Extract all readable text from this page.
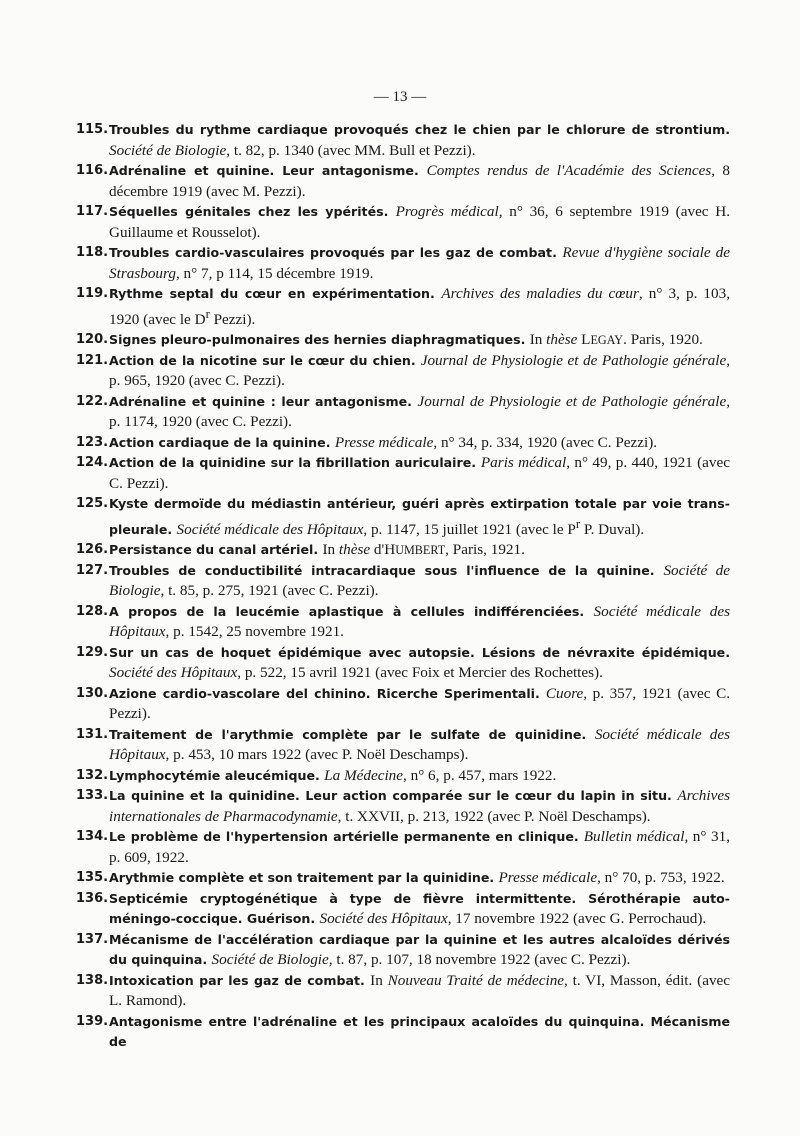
— 13 —

115. Troubles du rythme cardiaque provoqués chez le chien par le chlorure de strontium. Société de Biologie, t. 82, p. 1340 (avec MM. Bull et Pezzi).

116. Adrénaline et quinine. Leur antagonisme. Comptes rendus de l'Académie des Sciences, 8 décembre 1919 (avec M. Pezzi).

117. Séquelles génitales chez les ypérités. Progrès médical, n° 36, 6 septembre 1919 (avec H. Guillaume et Rousselot).

118. Troubles cardio-vasculaires provoqués par les gaz de combat. Revue d'hygiène sociale de Strasbourg, n° 7, p 114, 15 décembre 1919.

119. Rythme septal du cœur en expérimentation. Archives des maladies du cœur, n° 3, p. 103, 1920 (avec le $D^r$ Pezzi).

120. Signes pleuro-pulmonaires des hernies diaphragmatiques. In thèse LEGAY. Paris, 1920.

121. Action de la nicotine sur le cœur du chien. Journal de Physiologie et de Pathologie générale, p. 965, 1920 (avec C. Pezzi).

122. Adrénaline et quinine : leur antagonisme. Journal de Physiologie et de Pathologie générale, p. 1174, 1920 (avec C. Pezzi).

123. Action cardiaque de la quinine. Presse médicale, n° 34, p. 334, 1920 (avec C. Pezzi).

124. Action de la quinidine sur la fibrillation auriculaire. Paris médical, n° 49, p. 440, 1921 (avec C. Pezzi).

125. Kyste dermoïde du médiastin antérieur, guéri après extirpation totale par voie trans-pleurale. Société médicale des Hôpitaux, p. 1147, 15 juillet 1921 (avec le $P^r$ P. Duval).

126. Persistance du canal artériel. In thèse d'HUMBERT, Paris, 1921.

127. Troubles de conductibilité intracardiaque sous l'influence de la quinine. Société de Biologie, t. 85, p. 275, 1921 (avec C. Pezzi).

128. A propos de la leucémie aplastique à cellules indifférenciées. Société médicale des Hôpitaux, p. 1542, 25 novembre 1921.

129. Sur un cas de hoquet épidémique avec autopsie. Lésions de névraxite épidémique. Société des Hôpitaux, p. 522, 15 avril 1921 (avec Foix et Mercier des Rochettes).

130. Azione cardio-vascolare del chinino. Ricerche Sperimentali. Cuore, p. 357, 1921 (avec C. Pezzi).

131. Traitement de l'arythmie complète par le sulfate de quinidine. Société médicale des Hôpitaux, p. 453, 10 mars 1922 (avec P. Noël Deschamps).

132. Lymphocytémie aleucémique. La Médecine, n° 6, p. 457, mars 1922.

133. La quinine et la quinidine. Leur action comparée sur le cœur du lapin in situ. Archives internationales de Pharmacodynamie, t. XXVII, p. 213, 1922 (avec P. Noël Deschamps).

134. Le problème de l'hypertension artérielle permanente en clinique. Bulletin médical, n° 31, p. 609, 1922.

135. Arythmie complète et son traitement par la quinidine. Presse médicale, n° 70, p. 753, 1922.

136. Septicémie cryptogénétique à type de fièvre intermittente. Sérothérapie auto-méningo-coccique. Guérison. Société des Hôpitaux, 17 novembre 1922 (avec G. Perrochaud).

137. Mécanisme de l'accélération cardiaque par la quinine et les autres alcaloïdes dérivés du quinquina. Société de Biologie, t. 87, p. 107, 18 novembre 1922 (avec C. Pezzi).

138. Intoxication par les gaz de combat. In Nouveau Traité de médecine, t. VI, Masson, édit. (avec L. Ramond).

139. Antagonisme entre l'adrénaline et les principaux acaloïdes du quinquina. Mécanisme de
